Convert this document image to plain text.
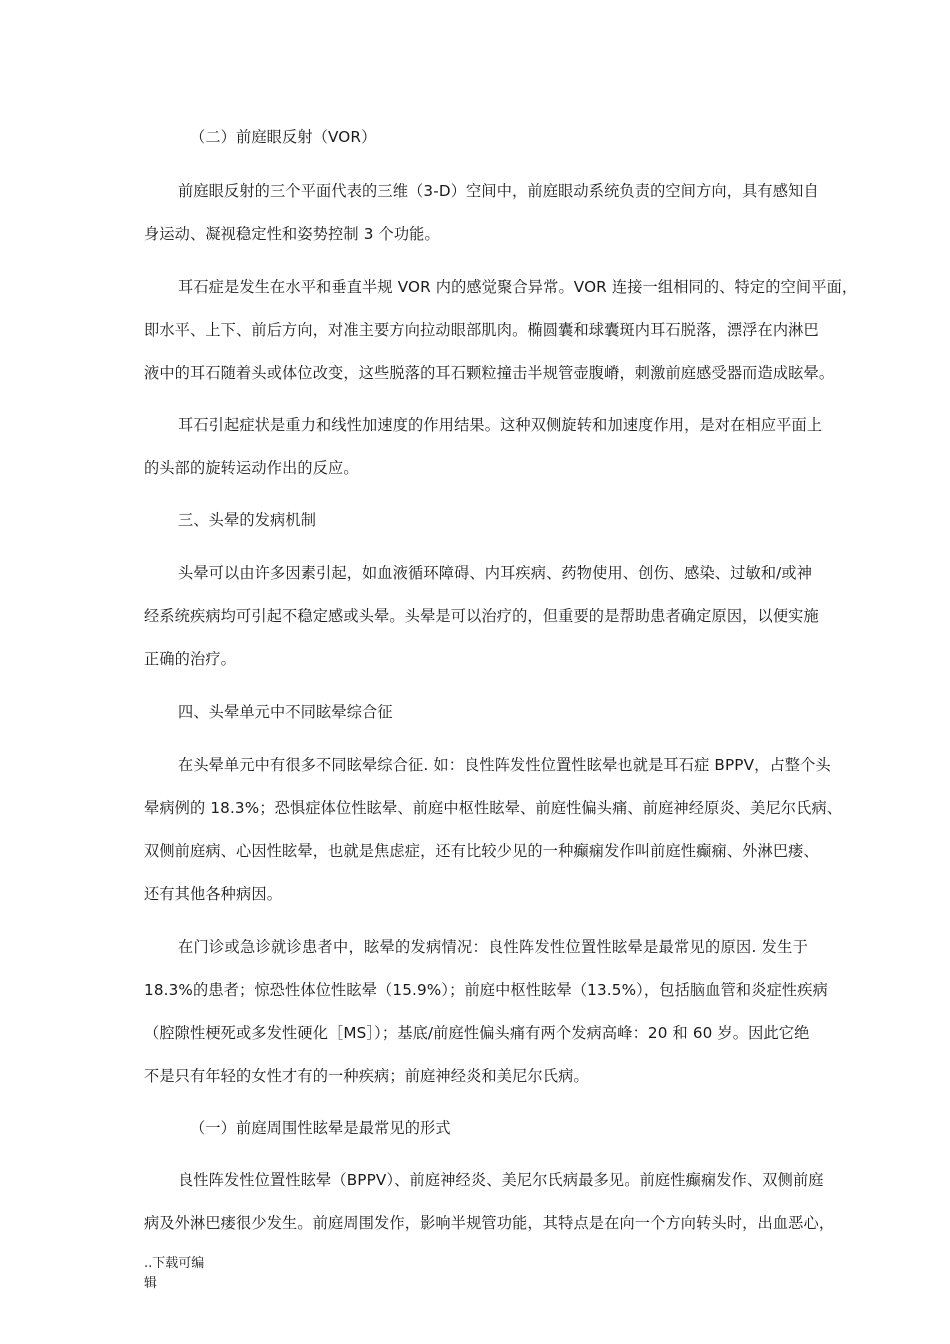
（二）前庭眼反射（VOR）
前庭眼反射的三个平面代表的三维（3-D）空间中，前庭眼动系统负责的空间方向，具有感知自
身运动、凝视稳定性和姿势控制 3 个功能。
耳石症是发生在水平和垂直半规 VOR 内的感觉聚合异常。VOR 连接一组相同的、特定的空间平面，
即水平、上下、前后方向，对准主要方向拉动眼部肌肉。椭圆囊和球囊斑内耳石脱落，漂浮在内淋巴
液中的耳石随着头或体位改变，这些脱落的耳石颗粒撞击半规管壶腹嵴，刺激前庭感受器而造成眩晕。
耳石引起症状是重力和线性加速度的作用结果。这种双侧旋转和加速度作用，是对在相应平面上
的头部的旋转运动作出的反应。
三、头晕的发病机制
头晕可以由许多因素引起，如血液循环障碍、内耳疾病、药物使用、创伤、感染、过敏和/或神
经系统疾病均可引起不稳定感或头晕。头晕是可以治疗的，但重要的是帮助患者确定原因，以便实施
正确的治疗。
四、头晕单元中不同眩晕综合征
在头晕单元中有很多不同眩晕综合征. 如：良性阵发性位置性眩晕也就是耳石症 BPPV，占整个头
晕病例的 18.3%；恐惧症体位性眩晕、前庭中枢性眩晕、前庭性偏头痛、前庭神经原炎、美尼尔氏病、
双侧前庭病、心因性眩晕，也就是焦虑症，还有比较少见的一种癫痫发作叫前庭性癫痫、外淋巴瘘、
还有其他各种病因。
在门诊或急诊就诊患者中，眩晕的发病情况：良性阵发性位置性眩晕是最常见的原因. 发生于
18.3%的患者；惊恐性体位性眩晕（15.9%）；前庭中枢性眩晕（13.5%），包括脑血管和炎症性疾病
（腔隙性梗死或多发性硬化［MS］）；基底/前庭性偏头痛有两个发病高峰：20 和 60 岁。因此它绝
不是只有年轻的女性才有的一种疾病；前庭神经炎和美尼尔氏病。
（一）前庭周围性眩晕是最常见的形式
良性阵发性位置性眩晕（BPPV）、前庭神经炎、美尼尔氏病最多见。前庭性癫痫发作、双侧前庭
病及外淋巴瘘很少发生。前庭周围发作，影响半规管功能，其特点是在向一个方向转头时，出血恶心，
..下载可编
辑
